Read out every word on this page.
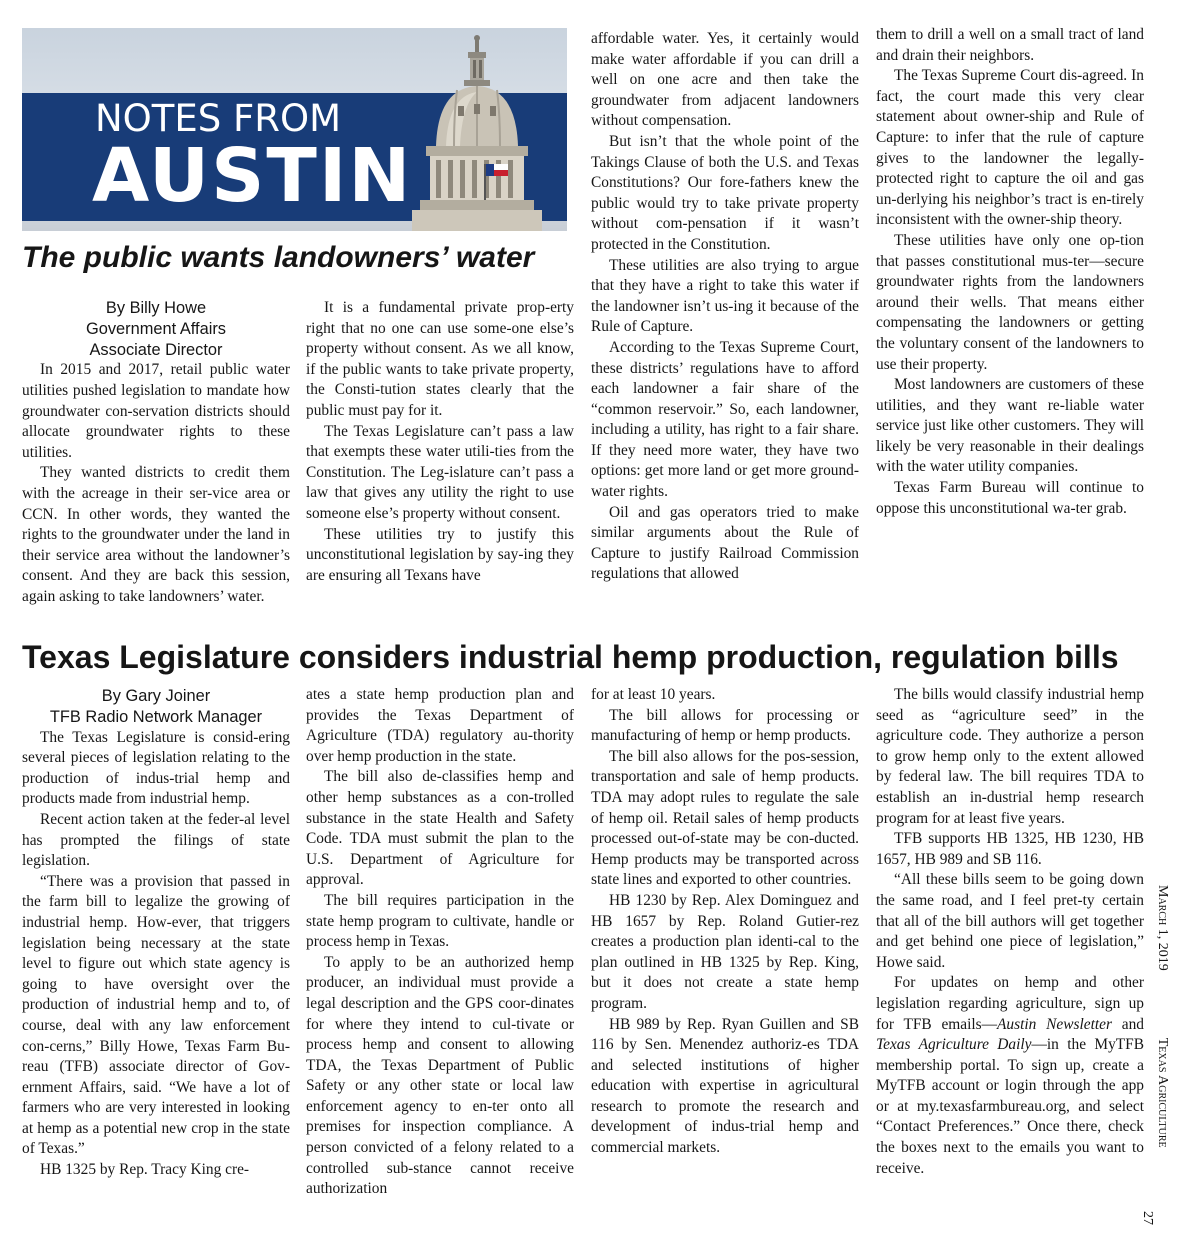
NOTES FROM
AUSTIN
The public wants landowners’ water
By Billy Howe
Government Affairs
Associate Director

In 2015 and 2017, retail public water utilities pushed legislation to mandate how groundwater con-servation districts should allocate groundwater rights to these utilities.

They wanted districts to credit them with the acreage in their ser-vice area or CCN. In other words, they wanted the rights to the groundwater under the land in their service area without the landowner’s consent. And they are back this session, again asking to take landowners’ water.

It is a fundamental private prop-erty right that no one can use some-one else’s property without consent. As we all know, if the public wants to take private property, the Consti-tution states clearly that the public must pay for it.

The Texas Legislature can’t pass a law that exempts these water utili-ties from the Constitution. The Leg-islature can’t pass a law that gives any utility the right to use someone else’s property without consent.

These utilities try to justify this unconstitutional legislation by say-ing they are ensuring all Texans have

affordable water. Yes, it certainly would make water affordable if you can drill a well on one acre and then take the groundwater from adjacent landowners without compensation.

But isn’t that the whole point of the Takings Clause of both the U.S. and Texas Constitutions? Our fore-fathers knew the public would try to take private property without com-pensation if it wasn’t protected in the Constitution.

These utilities are also trying to argue that they have a right to take this water if the landowner isn’t us-ing it because of the Rule of Capture.

According to the Texas Supreme Court, these districts’ regulations have to afford each landowner a fair share of the “common reservoir.” So, each landowner, including a utility, has right to a fair share. If they need more water, they have two options: get more land or get more ground-water rights.

Oil and gas operators tried to make similar arguments about the Rule of Capture to justify Railroad Commission regulations that allowed

them to drill a well on a small tract of land and drain their neighbors.

The Texas Supreme Court dis-agreed. In fact, the court made this very clear statement about owner-ship and Rule of Capture: to infer that the rule of capture gives to the landowner the legally-protected right to capture the oil and gas un-derlying his neighbor’s tract is en-tirely inconsistent with the owner-ship theory.

These utilities have only one op-tion that passes constitutional mus-ter—secure groundwater rights from the landowners around their wells. That means either compensating the landowners or getting the voluntary consent of the landowners to use their property.

Most landowners are customers of these utilities, and they want re-liable water service just like other customers. They will likely be very reasonable in their dealings with the water utility companies.

Texas Farm Bureau will continue to oppose this unconstitutional wa-ter grab.

Texas Legislature considers industrial hemp production, regulation bills
By Gary Joiner
TFB Radio Network Manager

The Texas Legislature is consid-ering several pieces of legislation relating to the production of indus-trial hemp and products made from industrial hemp.

Recent action taken at the feder-al level has prompted the filings of state legislation.

“There was a provision that passed in the farm bill to legalize the growing of industrial hemp. How-ever, that triggers legislation being necessary at the state level to figure out which state agency is going to have oversight over the production of industrial hemp and to, of course, deal with any law enforcement con-cerns,” Billy Howe, Texas Farm Bu-reau (TFB) associate director of Gov-ernment Affairs, said. “We have a lot of farmers who are very interested in looking at hemp as a potential new crop in the state of Texas.”

HB 1325 by Rep. Tracy King cre-

ates a state hemp production plan and provides the Texas Department of Agriculture (TDA) regulatory au-thority over hemp production in the state.

The bill also de-classifies hemp and other hemp substances as a con-trolled substance in the state Health and Safety Code. TDA must submit the plan to the U.S. Department of Agriculture for approval.

The bill requires participation in the state hemp program to cultivate, handle or process hemp in Texas.

To apply to be an authorized hemp producer, an individual must provide a legal description and the GPS coor-dinates for where they intend to cul-tivate or process hemp and consent to allowing TDA, the Texas Department of Public Safety or any other state or local law enforcement agency to en-ter onto all premises for inspection compliance. A person convicted of a felony related to a controlled sub-stance cannot receive authorization

for at least 10 years.

The bill allows for processing or manufacturing of hemp or hemp products.

The bill also allows for the pos-session, transportation and sale of hemp products. TDA may adopt rules to regulate the sale of hemp oil. Retail sales of hemp products processed out-of-state may be con-ducted. Hemp products may be transported across state lines and exported to other countries.

HB 1230 by Rep. Alex Dominguez and HB 1657 by Rep. Roland Gutier-rez creates a production plan identi-cal to the plan outlined in HB 1325 by Rep. King, but it does not create a state hemp program.

HB 989 by Rep. Ryan Guillen and SB 116 by Sen. Menendez authoriz-es TDA and selected institutions of higher education with expertise in agricultural research to promote the research and development of indus-trial hemp and commercial markets.

The bills would classify industrial hemp seed as “agriculture seed” in the agriculture code. They authorize a person to grow hemp only to the extent allowed by federal law. The bill requires TDA to establish an in-dustrial hemp research program for at least five years.

TFB supports HB 1325, HB 1230, HB 1657, HB 989 and SB 116.

“All these bills seem to be going down the same road, and I feel pret-ty certain that all of the bill authors will get together and get behind one piece of legislation,” Howe said.

For updates on hemp and other legislation regarding agriculture, sign up for TFB emails—Austin Newsletter and Texas Agriculture Daily—in the MyTFB membership portal. To sign up, create a MyTFB account or login through the app or at my.texasfarmbureau.org, and select “Contact Preferences.” Once there, check the boxes next to the emails you want to receive.

March 1, 2019  Texas Agriculture
27
